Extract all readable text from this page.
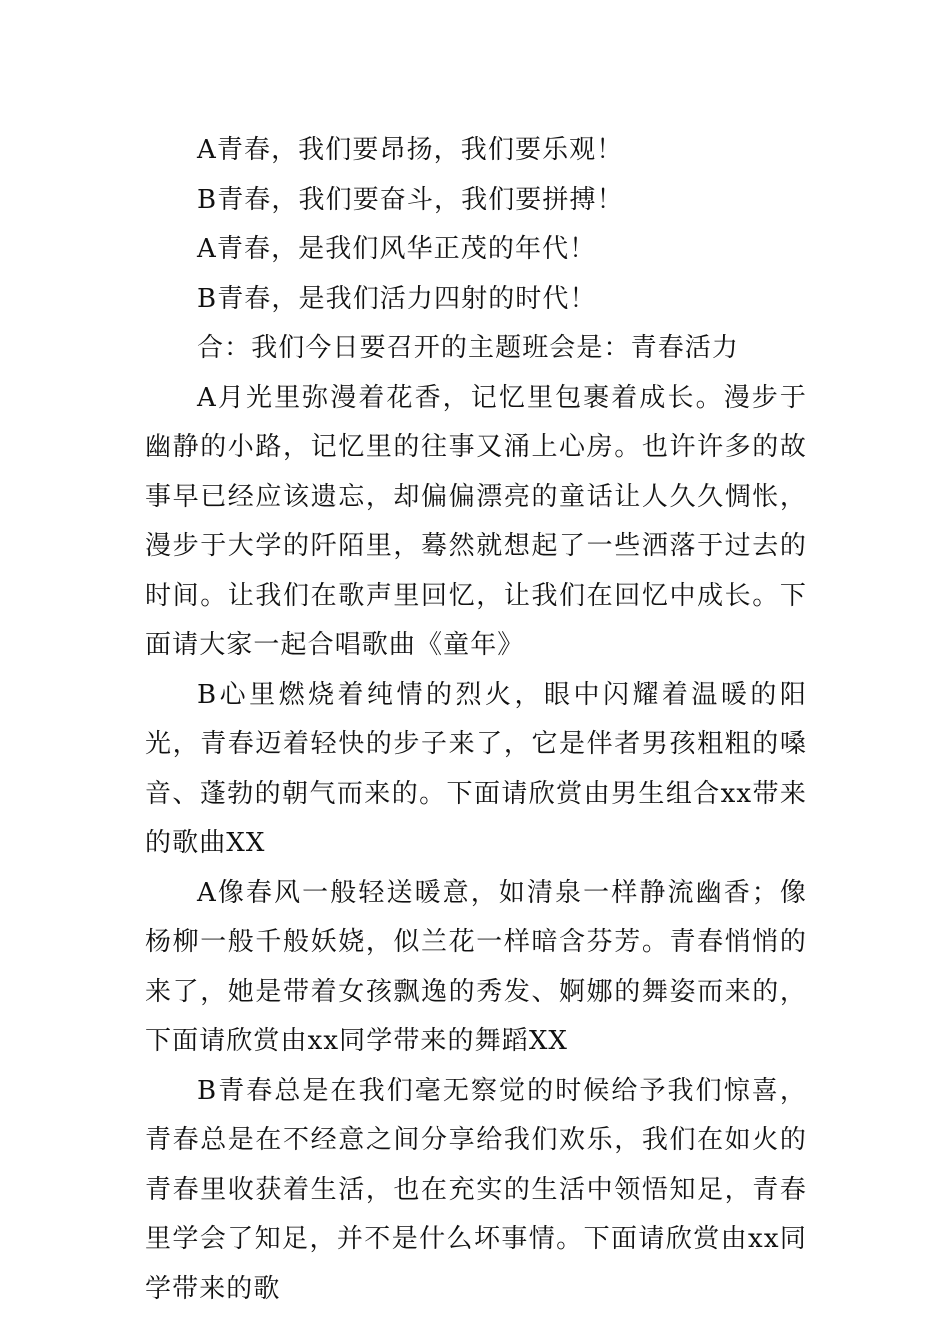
A青春，我们要昂扬，我们要乐观！

B青春，我们要奋斗，我们要拼搏！

A青春，是我们风华正茂的年代！

B青春，是我们活力四射的时代！

合：我们今日要召开的主题班会是：青春活力

A月光里弥漫着花香，记忆里包裹着成长。漫步于幽静的小路，记忆里的往事又涌上心房。也许许多的故事早已经应该遗忘，却偏偏漂亮的童话让人久久惆怅，漫步于大学的阡陌里，蓦然就想起了一些洒落于过去的时间。让我们在歌声里回忆，让我们在回忆中成长。下面请大家一起合唱歌曲《童年》

B心里燃烧着纯情的烈火，眼中闪耀着温暖的阳光，青春迈着轻快的步子来了，它是伴者男孩粗粗的嗓音、蓬勃的朝气而来的。下面请欣赏由男生组合xx带来的歌曲XX

A像春风一般轻送暖意，如清泉一样静流幽香；像杨柳一般千般妖娆，似兰花一样暗含芬芳。青春悄悄的来了，她是带着女孩飘逸的秀发、婀娜的舞姿而来的，下面请欣赏由xx同学带来的舞蹈XX

B青春总是在我们毫无察觉的时候给予我们惊喜，青春总是在不经意之间分享给我们欢乐，我们在如火的青春里收获着生活，也在充实的生活中领悟知足，青春里学会了知足，并不是什么坏事情。下面请欣赏由xx同学带来的歌
